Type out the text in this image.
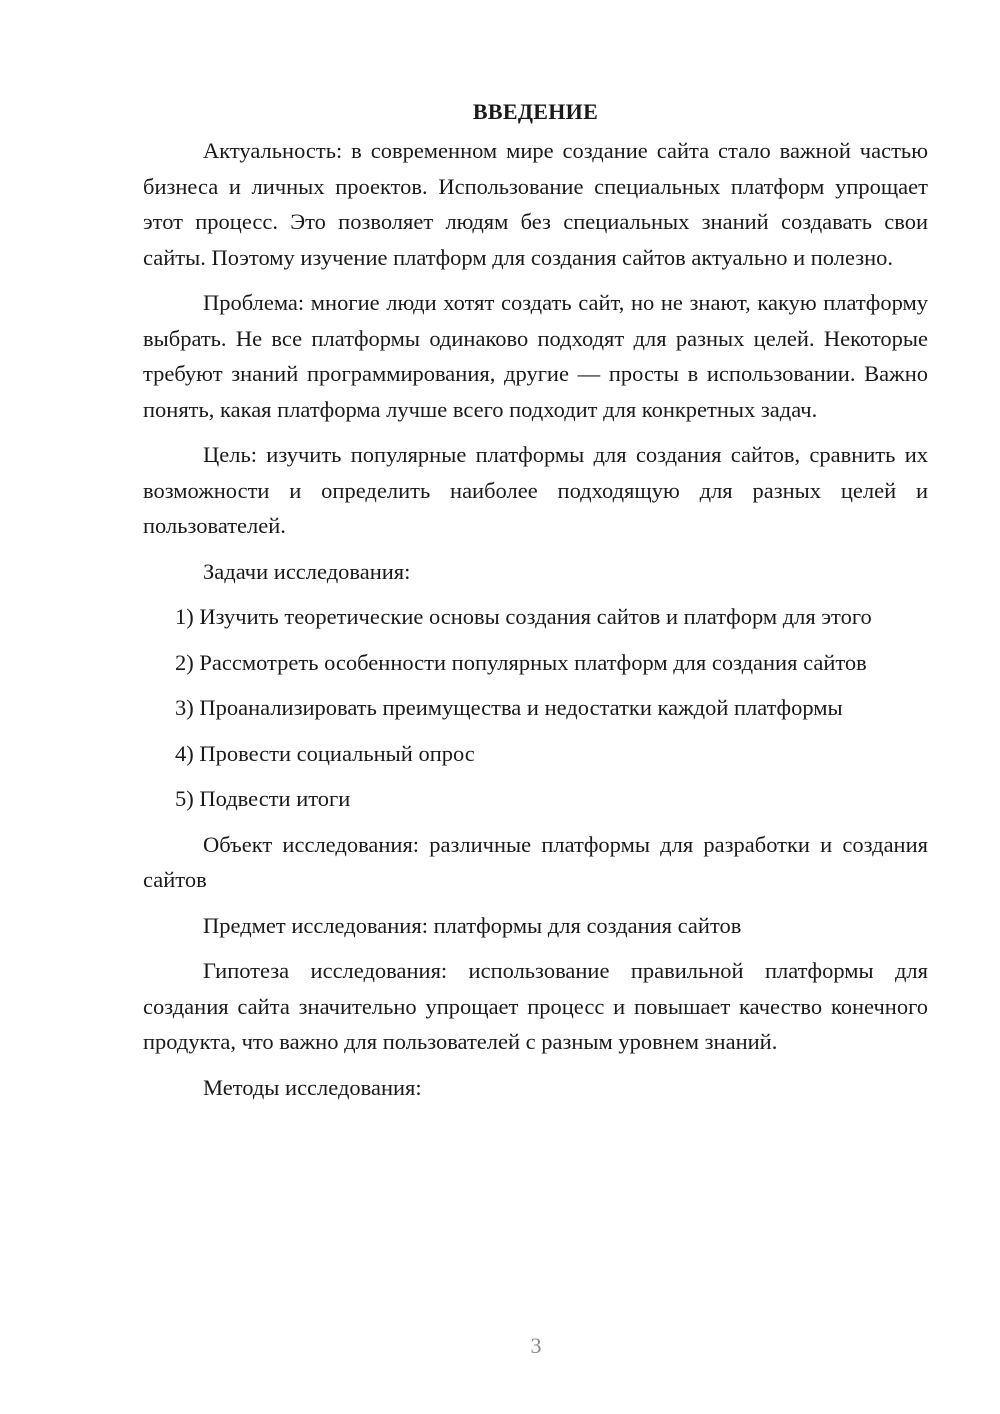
ВВЕДЕНИЕ

Актуальность: в современном мире создание сайта стало важной частью бизнеса и личных проектов. Использование специальных платформ упрощает этот процесс. Это позволяет людям без специальных знаний создавать свои сайты. Поэтому изучение платформ для создания сайтов актуально и полезно.

Проблема: многие люди хотят создать сайт, но не знают, какую платформу выбрать. Не все платформы одинаково подходят для разных целей. Некоторые требуют знаний программирования, другие — просты в использовании. Важно понять, какая платформа лучше всего подходит для конкретных задач.

Цель: изучить популярные платформы для создания сайтов, сравнить их возможности и определить наиболее подходящую для разных целей и пользователей.

Задачи исследования:

1) Изучить теоретические основы создания сайтов и платформ для этого

2) Рассмотреть особенности популярных платформ для создания сайтов

3) Проанализировать преимущества и недостатки каждой платформы

4) Провести социальный опрос

5) Подвести итоги

Объект исследования: различные платформы для разработки и создания сайтов

Предмет исследования: платформы для создания сайтов

Гипотеза исследования: использование правильной платформы для создания сайта значительно упрощает процесс и повышает качество конечного продукта, что важно для пользователей с разным уровнем знаний.

Методы исследования:

3
